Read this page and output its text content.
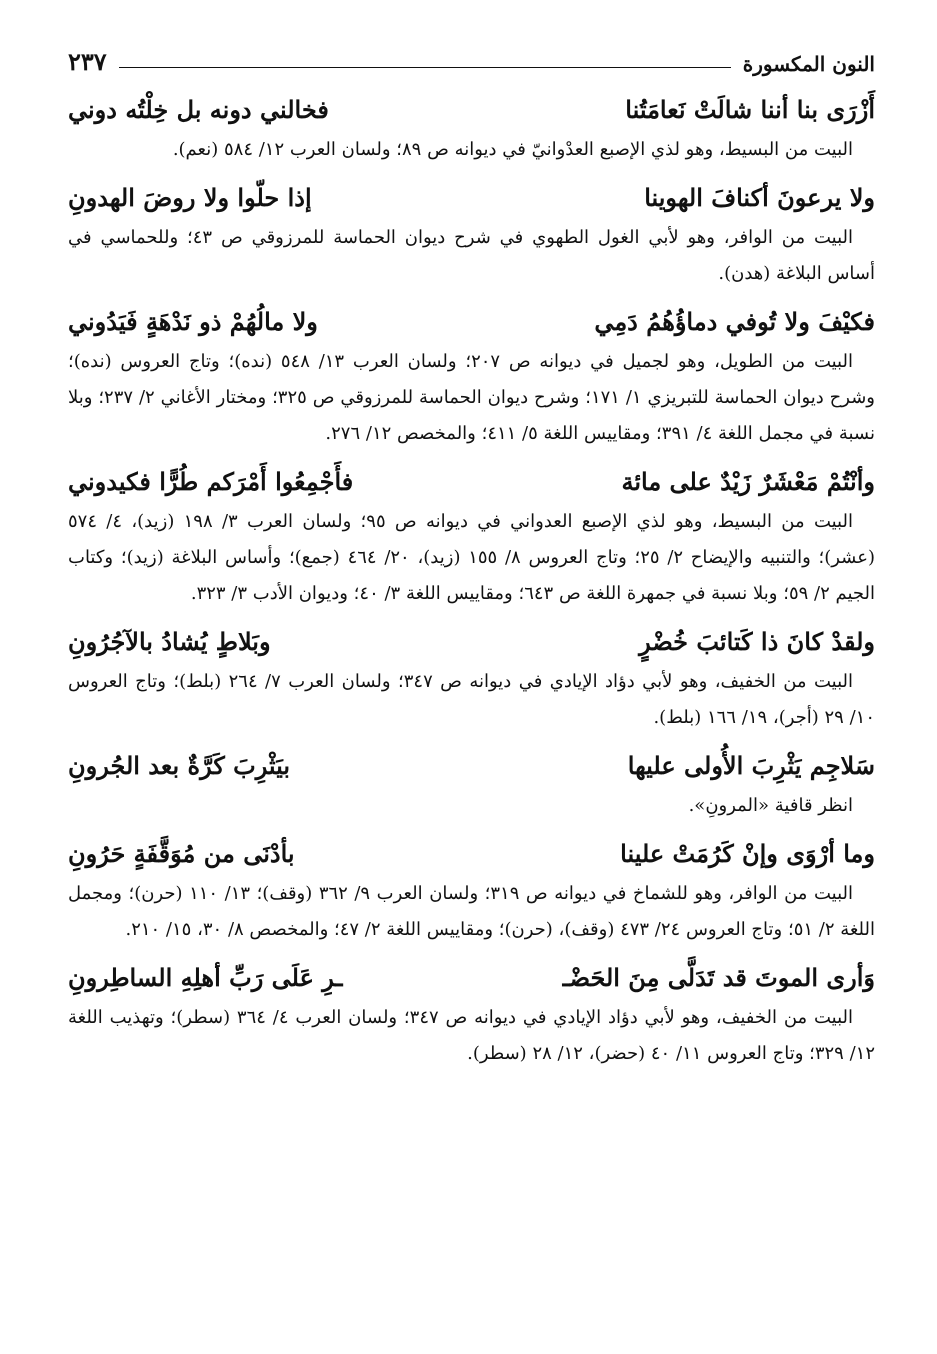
النون المكسورة
٢٣٧
أَزْرَى بنا أننا شالَتْ نَعامَتُنا
فخالني دونه بل خِلْتُه دوني

البيت من البسيط، وهو لذي الإصبع العدْوانيّ في ديوانه ص ٨٩؛ ولسان العرب ١٢/ ٥٨٤ (نعم).

ولا يرعونَ أكنافَ الهوينا
إذا حلّوا ولا روضَ الهدونِ

البيت من الوافر، وهو لأبي الغول الطهوي في شرح ديوان الحماسة للمرزوقي ص ٤٣؛ وللحماسي في أساس البلاغة (هدن).

فكيْفَ ولا تُوفي دماؤُهُمُ دَمِي
ولا مالُهُمْ ذو نَدْهَةٍ فَيَدُوني

البيت من الطويل، وهو لجميل في ديوانه ص ٢٠٧؛ ولسان العرب ١٣/ ٥٤٨ (نده)؛ وتاج العروس (نده)؛ وشرح ديوان الحماسة للتبريزي ١/ ١٧١؛ وشرح ديوان الحماسة للمرزوقي ص ٣٢٥؛ ومختار الأغاني ٢/ ٢٣٧؛ وبلا نسبة في مجمل اللغة ٤/ ٣٩١؛ ومقاييس اللغة ٥/ ٤١١؛ والمخصص ١٢/ ٢٧٦.

وأنْتُمْ مَعْشَرٌ زَيْدٌ على مائة
فأَجْمِعُوا أَمْرَكم طُرًّا فكيدوني

البيت من البسيط، وهو لذي الإصبع العدواني في ديوانه ص ٩٥؛ ولسان العرب ٣/ ١٩٨ (زيد)، ٤/ ٥٧٤ (عشر)؛ والتنبيه والإيضاح ٢/ ٢٥؛ وتاج العروس ٨/ ١٥٥ (زيد)، ٢٠/ ٤٦٤ (جمع)؛ وأساس البلاغة (زيد)؛ وكتاب الجيم ٢/ ٥٩؛ وبلا نسبة في جمهرة اللغة ص ٦٤٣؛ ومقاييس اللغة ٣/ ٤٠؛ وديوان الأدب ٣/ ٣٢٣.

ولقدْ كانَ ذا كَتائبَ خُضْرٍ
وبَلاطٍ يُشادُ بالآجُرُونِ

البيت من الخفيف، وهو لأبي دؤاد الإيادي في ديوانه ص ٣٤٧؛ ولسان العرب ٧/ ٢٦٤ (بلط)؛ وتاج العروس ١٠/ ٢٩ (أجر)، ١٩/ ١٦٦ (بلط).

سَلاجِم يَثْرِبَ الأُولى عليها
بيَثْرِبَ كَرَّةٌ بعد الجُرونِ

انظر قافية «المرونِ».

وما أرْوَى وإنْ كَرُمَتْ علينا
بأدْنَى من مُوَقَّفَةٍ حَرُونِ

البيت من الوافر، وهو للشماخ في ديوانه ص ٣١٩؛ ولسان العرب ٩/ ٣٦٢ (وقف)؛ ١٣/ ١١٠ (حرن)؛ ومجمل اللغة ٢/ ٥١؛ وتاج العروس ٢٤/ ٤٧٣ (وقف)، (حرن)؛ ومقاييس اللغة ٢/ ٤٧؛ والمخصص ٨/ ٣٠، ١٥/ ٢١٠.

وَأرى الموتَ قد تَدَلَّى مِنَ الحَضْـ
ـرِ عَلَى رَبِّ أهلِهِ الساطِرونِ

البيت من الخفيف، وهو لأبي دؤاد الإيادي في ديوانه ص ٣٤٧؛ ولسان العرب ٤/ ٣٦٤ (سطر)؛ وتهذيب اللغة ١٢/ ٣٢٩؛ وتاج العروس ١١/ ٤٠ (حضر)، ١٢/ ٢٨ (سطر).
